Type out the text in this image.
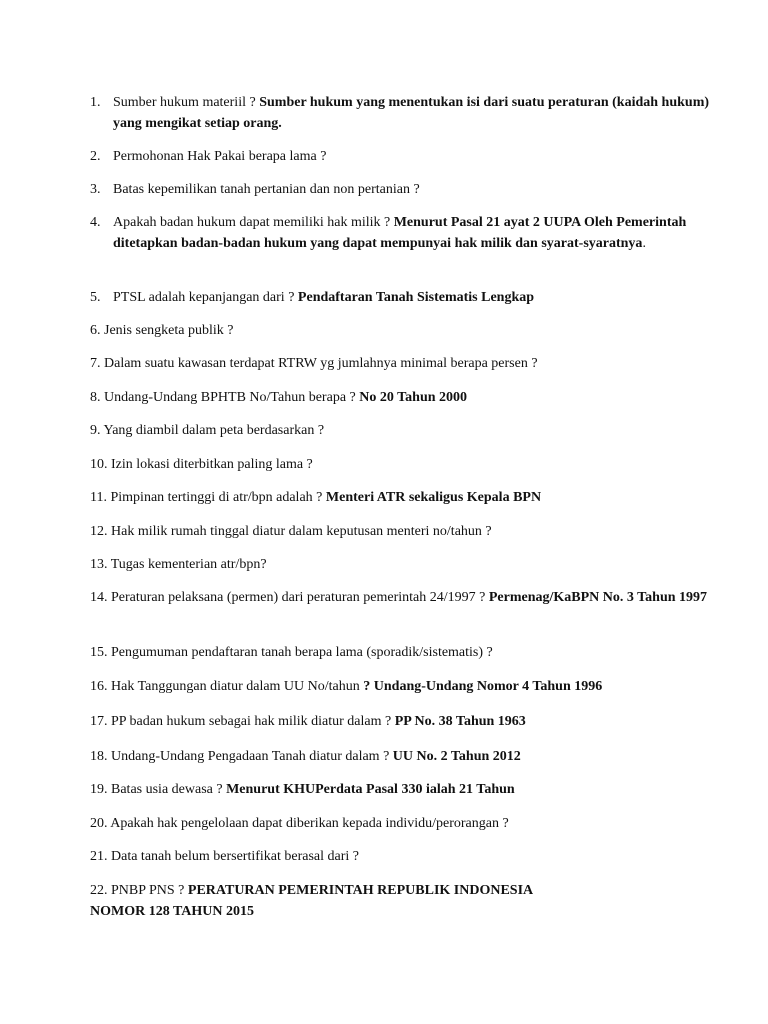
1. Sumber hukum materiil ? Sumber hukum yang menentukan isi dari suatu peraturan (kaidah hukum) yang mengikat setiap orang.
2. Permohonan Hak Pakai berapa lama ?
3. Batas kepemilikan tanah pertanian dan non pertanian ?
4. Apakah badan hukum dapat memiliki hak milik ? Menurut Pasal 21 ayat 2 UUPA Oleh Pemerintah ditetapkan badan-badan hukum yang dapat mempunyai hak milik dan syarat-syaratnya.
5. PTSL adalah kepanjangan dari ? Pendaftaran Tanah Sistematis Lengkap
6. Jenis sengketa publik ?
7. Dalam suatu kawasan terdapat RTRW yg jumlahnya minimal berapa persen ?
8. Undang-Undang BPHTB No/Tahun berapa ? No 20 Tahun 2000
9. Yang diambil dalam peta berdasarkan ?
10. Izin lokasi diterbitkan paling lama ?
11. Pimpinan tertinggi di atr/bpn adalah ? Menteri ATR sekaligus Kepala BPN
12. Hak milik rumah tinggal diatur dalam keputusan menteri no/tahun ?
13. Tugas kementerian atr/bpn?
14. Peraturan pelaksana (permen) dari peraturan pemerintah 24/1997 ? Permenag/KaBPN No. 3 Tahun 1997
15. Pengumuman pendaftaran tanah berapa lama (sporadik/sistematis) ?
16. Hak Tanggungan diatur dalam UU No/tahun ? Undang-Undang Nomor 4 Tahun 1996
17. PP badan hukum sebagai hak milik diatur dalam ? PP No. 38 Tahun 1963
18. Undang-Undang Pengadaan Tanah diatur dalam ? UU No. 2 Tahun 2012
19. Batas usia dewasa ? Menurut KHUPerdata Pasal 330 ialah 21 Tahun
20. Apakah hak pengelolaan dapat diberikan kepada individu/perorangan ?
21. Data tanah belum bersertifikat berasal dari ?
22. PNBP PNS ? PERATURAN PEMERINTAH REPUBLIK INDONESIA
NOMOR 128 TAHUN 2015
